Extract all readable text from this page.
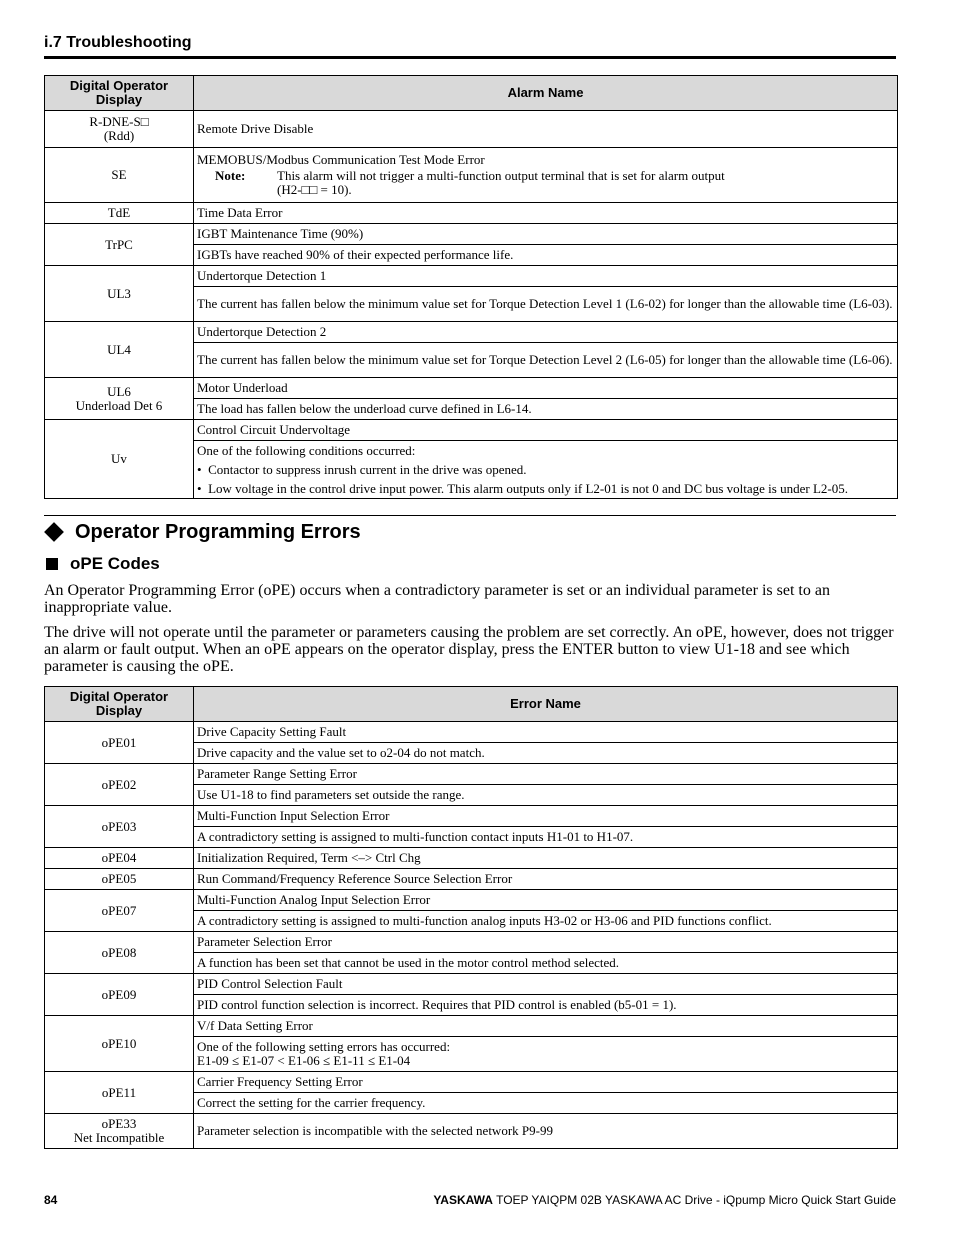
i.7 Troubleshooting
Digital Operator Display	Alarm Name
R-DNE-S□
(Rdd)	Remote Drive Disable
SE	MEMOBUS/Modbus Communication Test Mode Error
Note: This alarm will not trigger a multi-function output terminal that is set for alarm output
(H2-□□ = 10).

TdE	Time Data Error
TrPC	IGBT Maintenance Time (90%)
	IGBTs have reached 90% of their expected performance life.
UL3	Undertorque Detection 1
	The current has fallen below the minimum value set for Torque Detection Level 1 (L6-02) for longer than the allowable time (L6-03).
UL4	Undertorque Detection 2
	The current has fallen below the minimum value set for Torque Detection Level 2 (L6-05) for longer than the allowable time (L6-06).
UL6
Underload Det 6	Motor Underload
	The load has fallen below the underload curve defined in L6-14.
Uv	Control Circuit Undervoltage

	One of the following conditions occurred:
•  Contactor to suppress inrush current in the drive was opened.
•  Low voltage in the control drive input power. This alarm outputs only if L2-01 is not 0 and DC bus voltage is under L2-05.
Operator Programming Errors
oPE Codes
An Operator Programming Error (oPE) occurs when a contradictory parameter is set or an individual parameter is set to an inappropriate value.
The drive will not operate until the parameter or parameters causing the problem are set correctly. An oPE, however, does not trigger an alarm or fault output. When an oPE appears on the operator display, press the ENTER button to view U1-18 and see which parameter is causing the oPE.
Digital Operator Display	Error Name
oPE01	Drive Capacity Setting Fault
	Drive capacity and the value set to o2-04 do not match.
oPE02	Parameter Range Setting Error
	Use U1-18 to find parameters set outside the range.
oPE03	Multi-Function Input Selection Error
	A contradictory setting is assigned to multi-function contact inputs H1-01 to H1-07.
oPE04	Initialization Required, Term <–> Ctrl Chg
oPE05	Run Command/Frequency Reference Source Selection Error
oPE07	Multi-Function Analog Input Selection Error
	A contradictory setting is assigned to multi-function analog inputs H3-02 or H3-06 and PID functions conflict.
oPE08	Parameter Selection Error
	A function has been set that cannot be used in the motor control method selected.
oPE09	PID Control Selection Fault
	PID control function selection is incorrect. Requires that PID control is enabled (b5-01 = 1).
oPE10	V/f Data Setting Error
	One of the following setting errors has occurred:
E1-09 ≤ E1-07 < E1-06 ≤ E1-11 ≤ E1-04
oPE11	Carrier Frequency Setting Error
	Correct the setting for the carrier frequency.
oPE33
Net Incompatible	Parameter selection is incompatible with the selected network P9-99
84	YASKAWA TOEP YAIQPM 02B YASKAWA AC Drive - iQpump Micro Quick Start Guide
